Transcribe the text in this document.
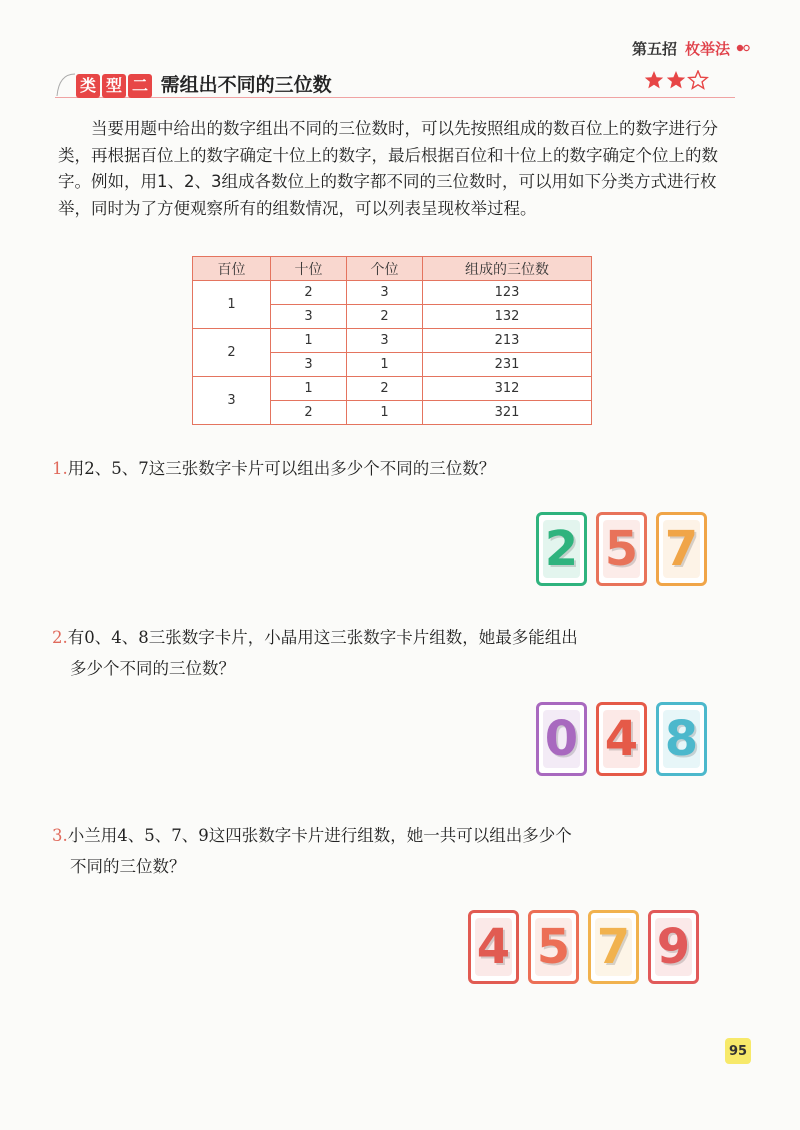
第五招 枚举法
类 型 二 需组出不同的三位数
当要用题中给出的数字组出不同的三位数时，可以先按照组成的数百位上的数字进行分类，再根据百位上的数字确定十位上的数字，最后根据百位和十位上的数字确定个位上的数字。例如，用1、2、3组成各数位上的数字都不同的三位数时，可以用如下分类方式进行枚举，同时为了方便观察所有的组数情况，可以列表呈现枚举过程。
百位	十位	个位	组成的三位数
1	2	3	123
	3	2	132
2	1	3	213
	3	1	231
3	1	2	312
	2	1	321
1.用2、5、7这三张数字卡片可以组出多少个不同的三位数？
2 5 7
2.有0、4、8三张数字卡片，小晶用这三张数字卡片组数，她最多能组出
多少个不同的三位数？
0 4 8
3.小兰用4、5、7、9这四张数字卡片进行组数，她一共可以组出多少个
不同的三位数？
4 5 7 9
95
